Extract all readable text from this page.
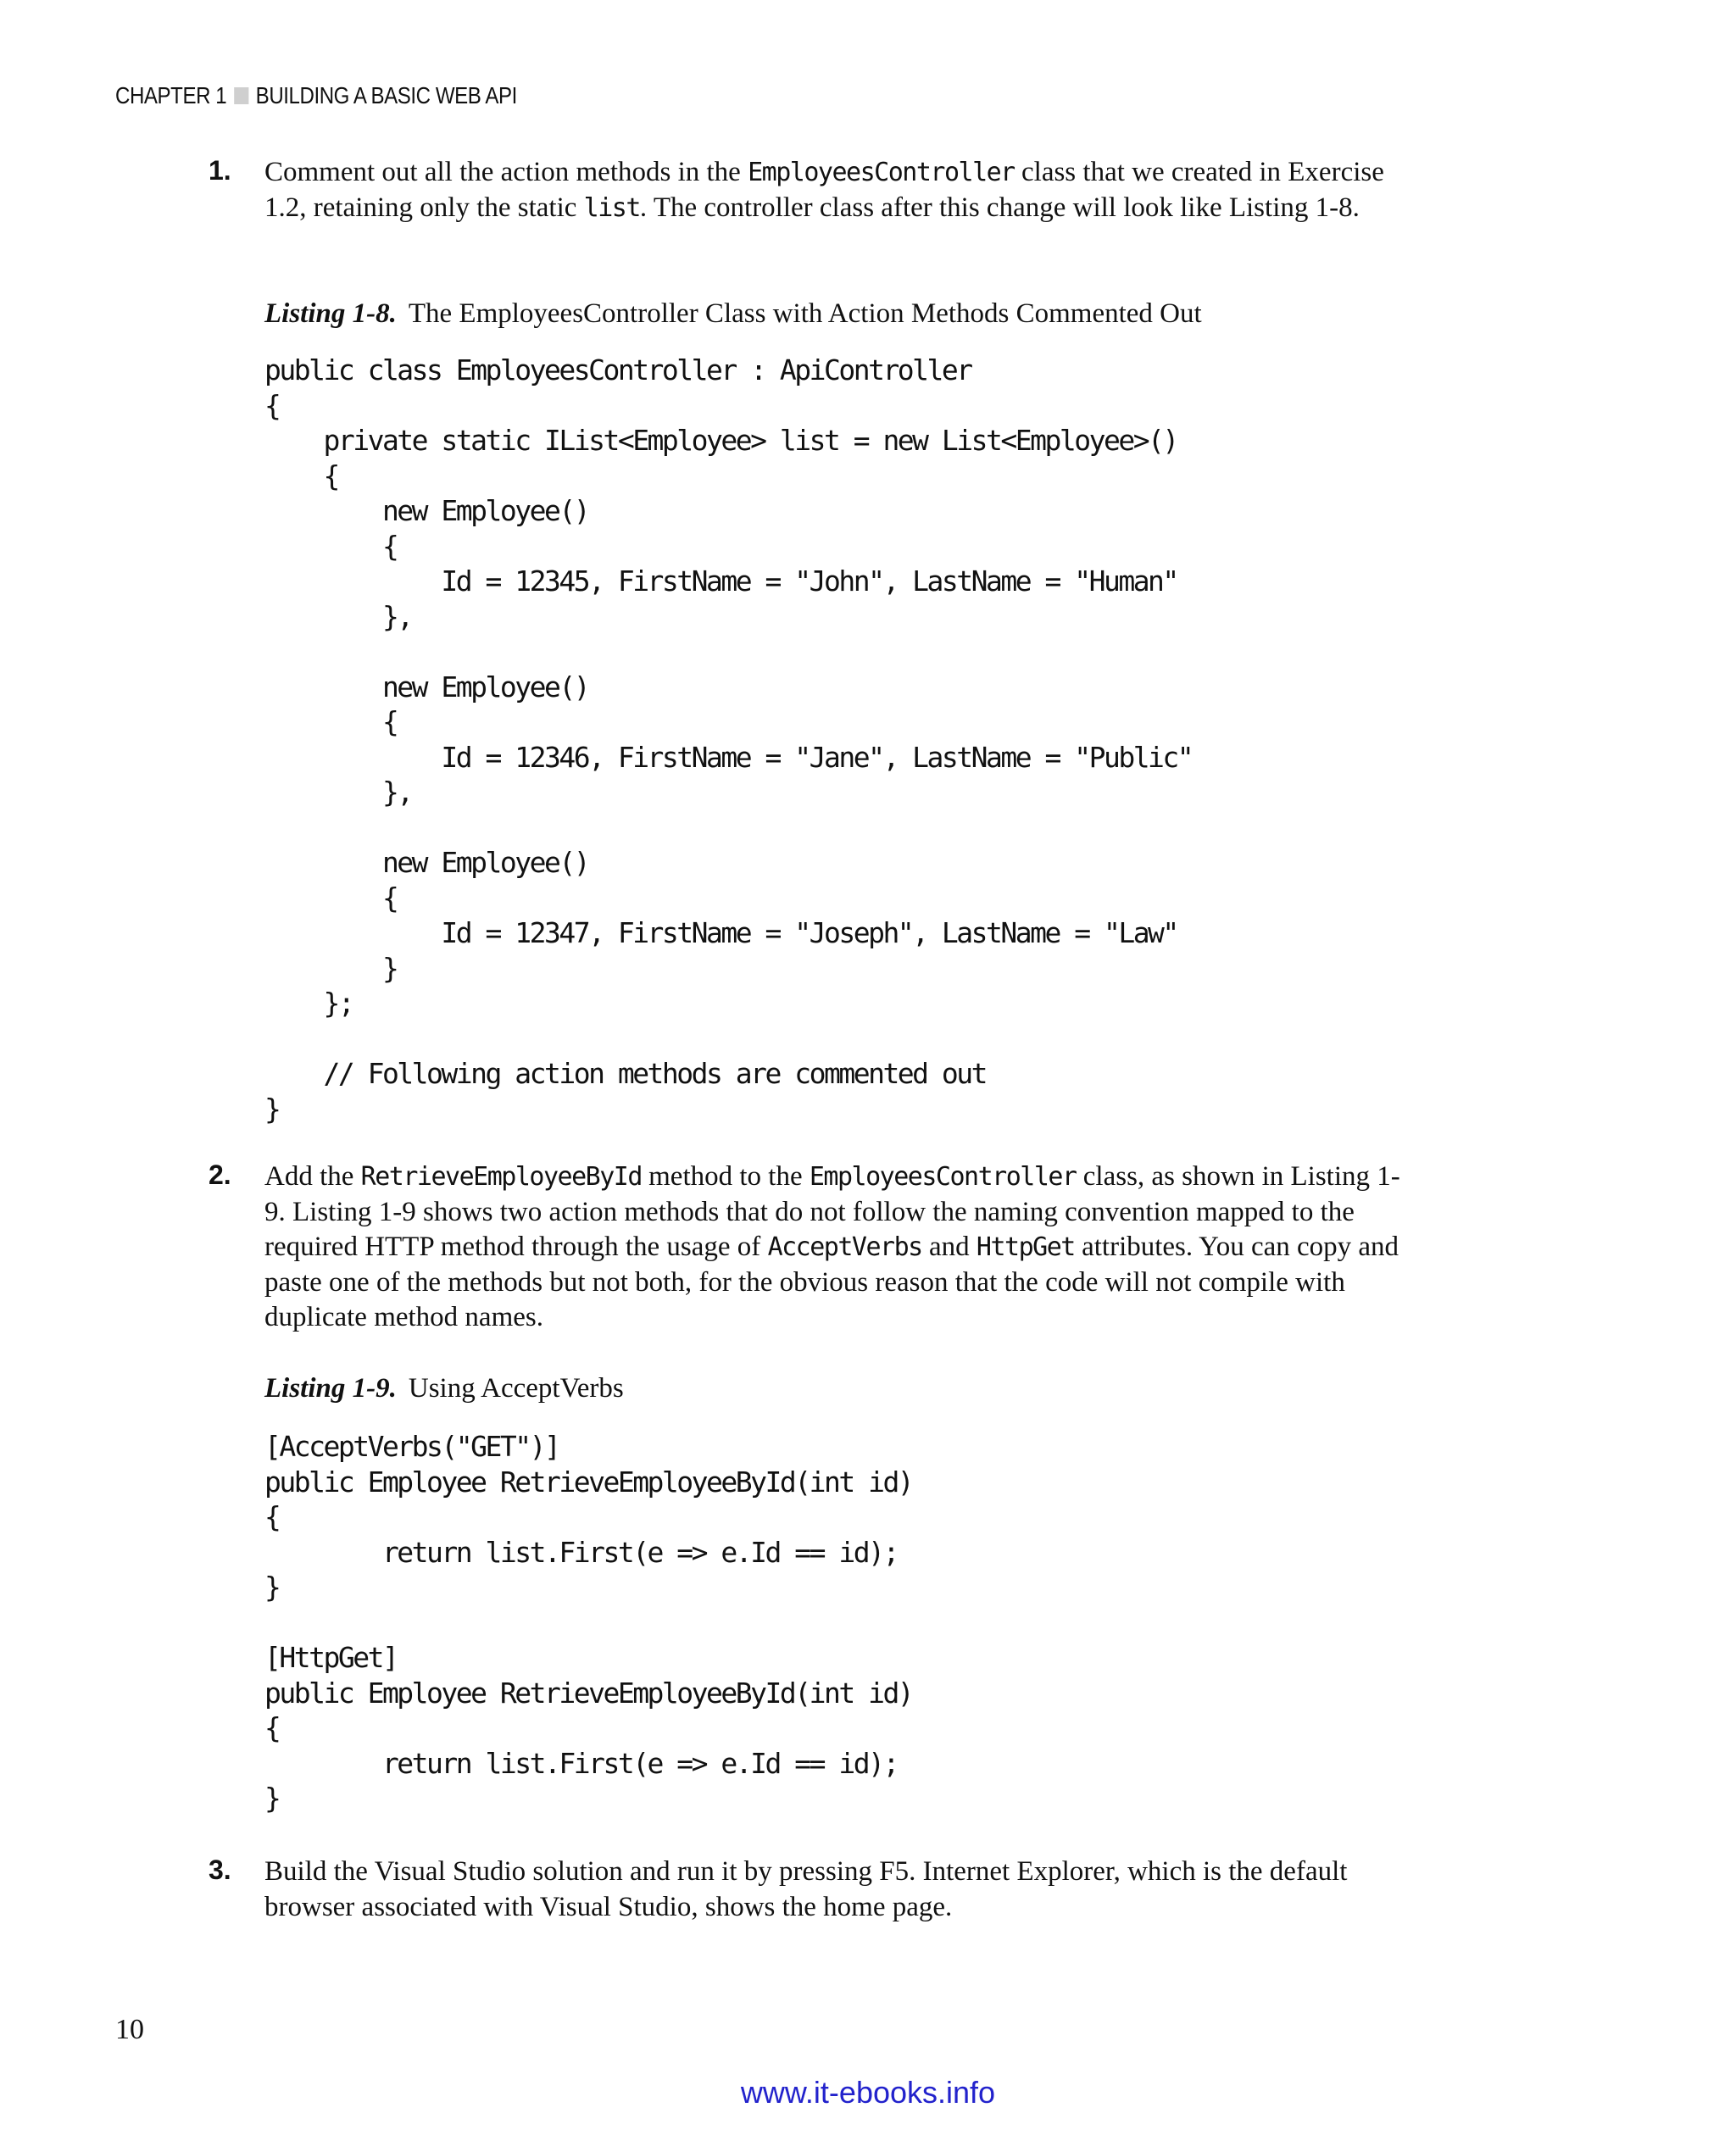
CHAPTER 1 BUILDING A BASIC WEB API
1. Comment out all the action methods in the EmployeesController class that we created in Exercise 1.2, retaining only the static list. The controller class after this change will look like Listing 1-8.
Listing 1-8. The EmployeesController Class with Action Methods Commented Out
public class EmployeesController : ApiController
{
private static IList<Employee> list = new List<Employee>()
{
new Employee()
{
Id = 12345, FirstName = "John", LastName = "Human"
},

new Employee()
{
Id = 12346, FirstName = "Jane", LastName = "Public"
},

new Employee()
{
Id = 12347, FirstName = "Joseph", LastName = "Law"
}
};

// Following action methods are commented out
}
2. Add the RetrieveEmployeeById method to the EmployeesController class, as shown in Listing 1-9. Listing 1-9 shows two action methods that do not follow the naming convention mapped to the required HTTP method through the usage of AcceptVerbs and HttpGet attributes. You can copy and paste one of the methods but not both, for the obvious reason that the code will not compile with duplicate method names.
Listing 1-9. Using AcceptVerbs
[AcceptVerbs("GET")]
public Employee RetrieveEmployeeById(int id)
{
return list.First(e => e.Id == id);
}

[HttpGet]
public Employee RetrieveEmployeeById(int id)
{
return list.First(e => e.Id == id);
}
3. Build the Visual Studio solution and run it by pressing F5. Internet Explorer, which is the default browser associated with Visual Studio, shows the home page.
10
www.it-ebooks.info
